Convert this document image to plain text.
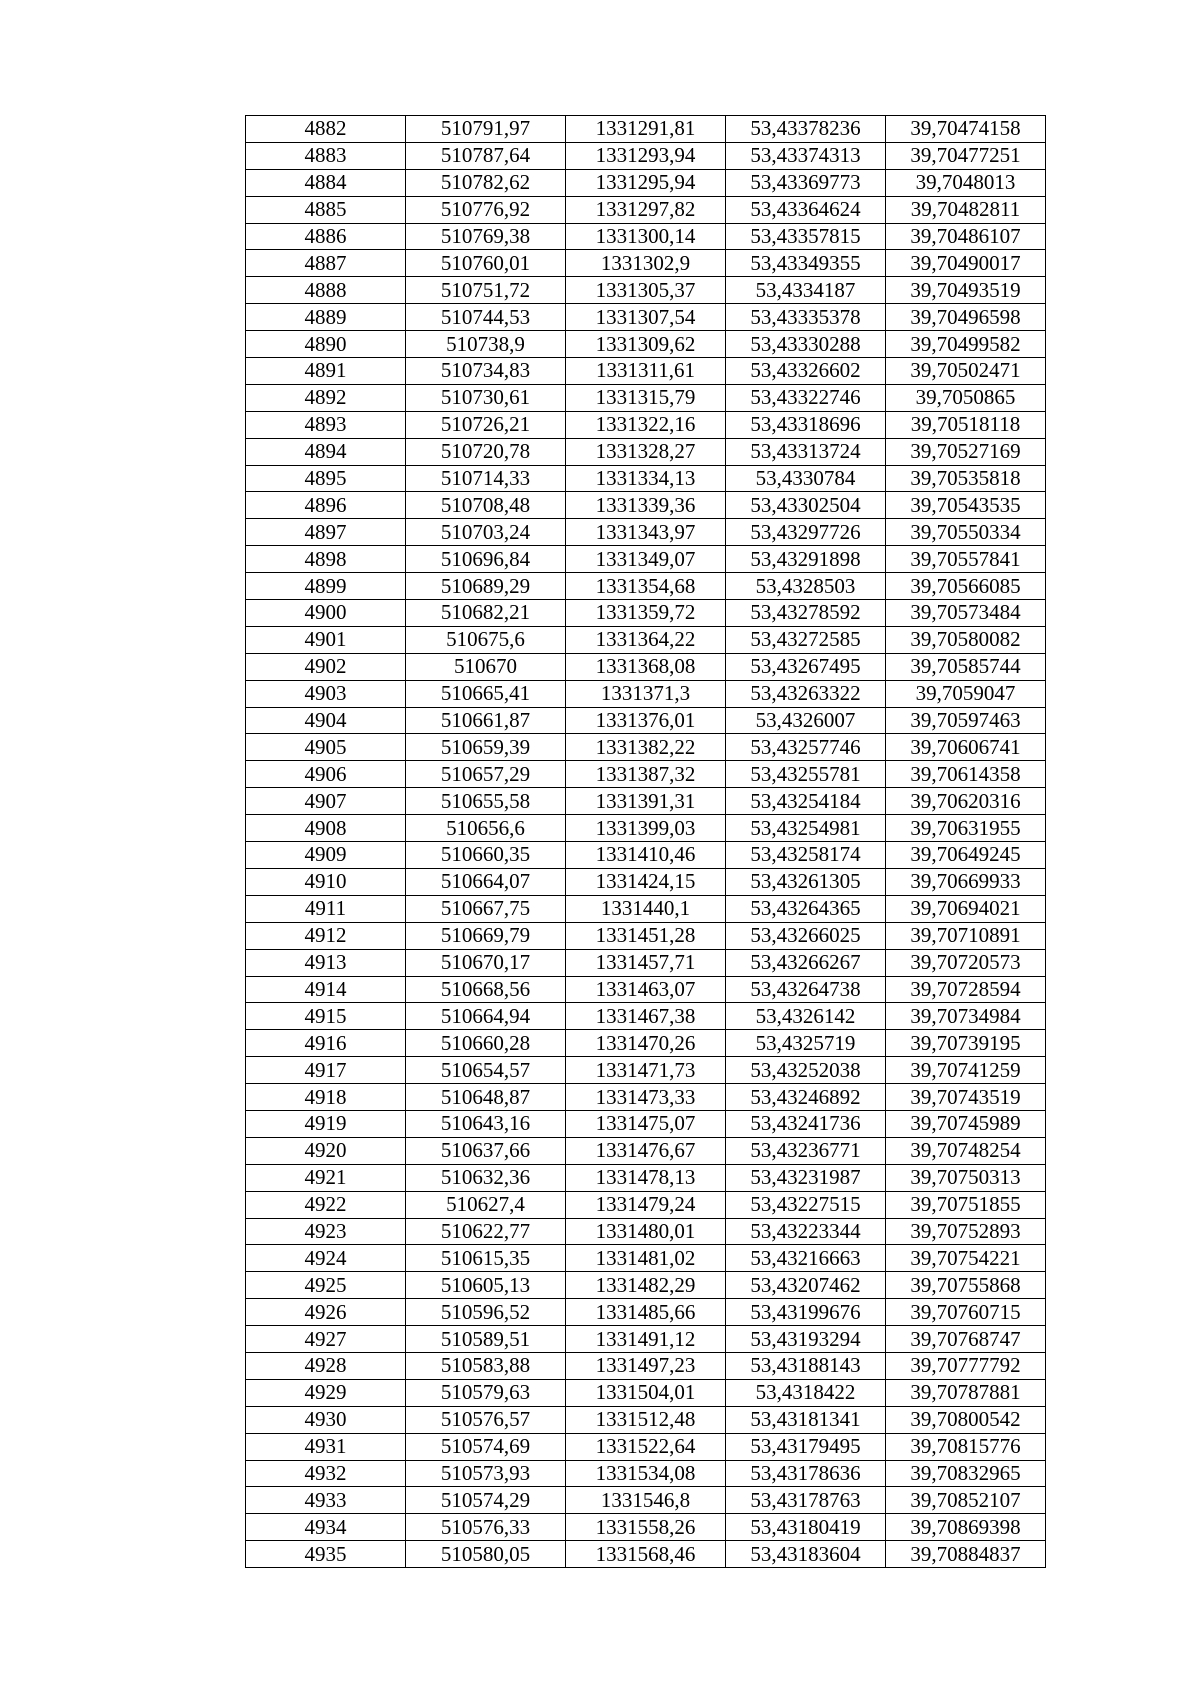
4882	510791,97	1331291,81	53,43378236	39,70474158
4883	510787,64	1331293,94	53,43374313	39,70477251
4884	510782,62	1331295,94	53,43369773	39,7048013
4885	510776,92	1331297,82	53,43364624	39,70482811
4886	510769,38	1331300,14	53,43357815	39,70486107
4887	510760,01	1331302,9	53,43349355	39,70490017
4888	510751,72	1331305,37	53,4334187	39,70493519
4889	510744,53	1331307,54	53,43335378	39,70496598
4890	510738,9	1331309,62	53,43330288	39,70499582
4891	510734,83	1331311,61	53,43326602	39,70502471
4892	510730,61	1331315,79	53,43322746	39,7050865
4893	510726,21	1331322,16	53,43318696	39,70518118
4894	510720,78	1331328,27	53,43313724	39,70527169
4895	510714,33	1331334,13	53,4330784	39,70535818
4896	510708,48	1331339,36	53,43302504	39,70543535
4897	510703,24	1331343,97	53,43297726	39,70550334
4898	510696,84	1331349,07	53,43291898	39,70557841
4899	510689,29	1331354,68	53,4328503	39,70566085
4900	510682,21	1331359,72	53,43278592	39,70573484
4901	510675,6	1331364,22	53,43272585	39,70580082
4902	510670	1331368,08	53,43267495	39,70585744
4903	510665,41	1331371,3	53,43263322	39,7059047
4904	510661,87	1331376,01	53,4326007	39,70597463
4905	510659,39	1331382,22	53,43257746	39,70606741
4906	510657,29	1331387,32	53,43255781	39,70614358
4907	510655,58	1331391,31	53,43254184	39,70620316
4908	510656,6	1331399,03	53,43254981	39,70631955
4909	510660,35	1331410,46	53,43258174	39,70649245
4910	510664,07	1331424,15	53,43261305	39,70669933
4911	510667,75	1331440,1	53,43264365	39,70694021
4912	510669,79	1331451,28	53,43266025	39,70710891
4913	510670,17	1331457,71	53,43266267	39,70720573
4914	510668,56	1331463,07	53,43264738	39,70728594
4915	510664,94	1331467,38	53,4326142	39,70734984
4916	510660,28	1331470,26	53,4325719	39,70739195
4917	510654,57	1331471,73	53,43252038	39,70741259
4918	510648,87	1331473,33	53,43246892	39,70743519
4919	510643,16	1331475,07	53,43241736	39,70745989
4920	510637,66	1331476,67	53,43236771	39,70748254
4921	510632,36	1331478,13	53,43231987	39,70750313
4922	510627,4	1331479,24	53,43227515	39,70751855
4923	510622,77	1331480,01	53,43223344	39,70752893
4924	510615,35	1331481,02	53,43216663	39,70754221
4925	510605,13	1331482,29	53,43207462	39,70755868
4926	510596,52	1331485,66	53,43199676	39,70760715
4927	510589,51	1331491,12	53,43193294	39,70768747
4928	510583,88	1331497,23	53,43188143	39,70777792
4929	510579,63	1331504,01	53,4318422	39,70787881
4930	510576,57	1331512,48	53,43181341	39,70800542
4931	510574,69	1331522,64	53,43179495	39,70815776
4932	510573,93	1331534,08	53,43178636	39,70832965
4933	510574,29	1331546,8	53,43178763	39,70852107
4934	510576,33	1331558,26	53,43180419	39,70869398
4935	510580,05	1331568,46	53,43183604	39,70884837
